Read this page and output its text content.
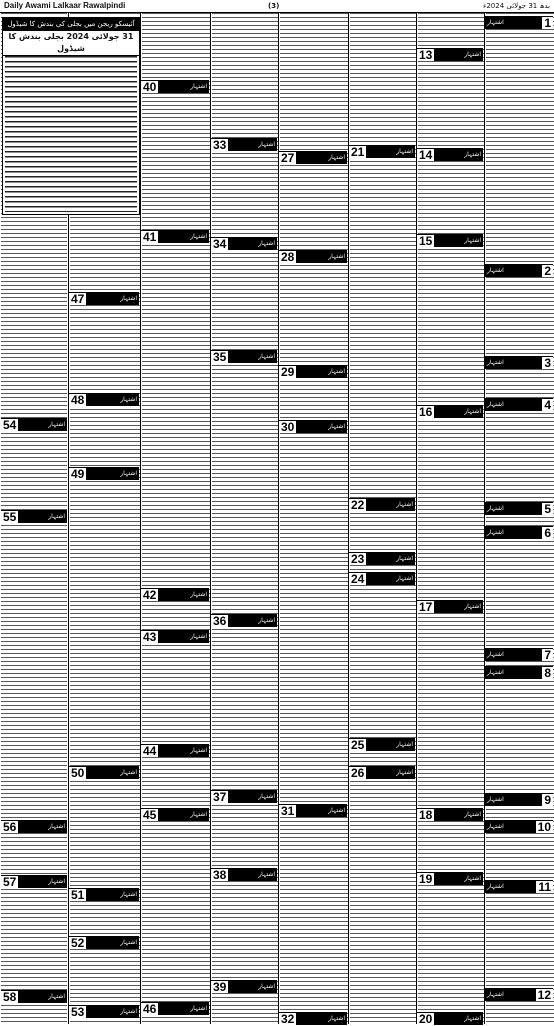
Daily Awami Lalkaar Rawalpindi	(3)	بدھ 31 جولائی 2024ء
آئیسکو ریجن میں بجلی کی بندش کا شیڈول
31 جولائی 2024 بجلی بندش کا شیڈول
1
اشتہار
2
اشتہار
3
اشتہار
4
اشتہار
5
اشتہار
6
اشتہار
7
اشتہار
8
اشتہار
9
اشتہار
10
اشتہار
11
اشتہار
12
اشتہار
13	اشتہار
14	اشتہار
15	اشتہار
16	اشتہار
17	اشتہار
18	اشتہار
19	اشتہار
20	اشتہار
21	اشتہار
22	اشتہار
23	اشتہار
24	اشتہار
25	اشتہار
26	اشتہار
27	اشتہار
28	اشتہار
29	اشتہار
30	اشتہار
31	اشتہار
32	اشتہار
33	اشتہار
34	اشتہار
35	اشتہار
36	اشتہار
37	اشتہار
38	اشتہار
39	اشتہار
40	اشتہار
41	اشتہار
42	اشتہار
43	اشتہار
44	اشتہار
45	اشتہار
46	اشتہار
47	اشتہار
48	اشتہار
49	اشتہار
50	اشتہار
51	اشتہار
52	اشتہار
53	اشتہار
54	اشتہار
55	اشتہار
56	اشتہار
57	اشتہار
58	اشتہار
